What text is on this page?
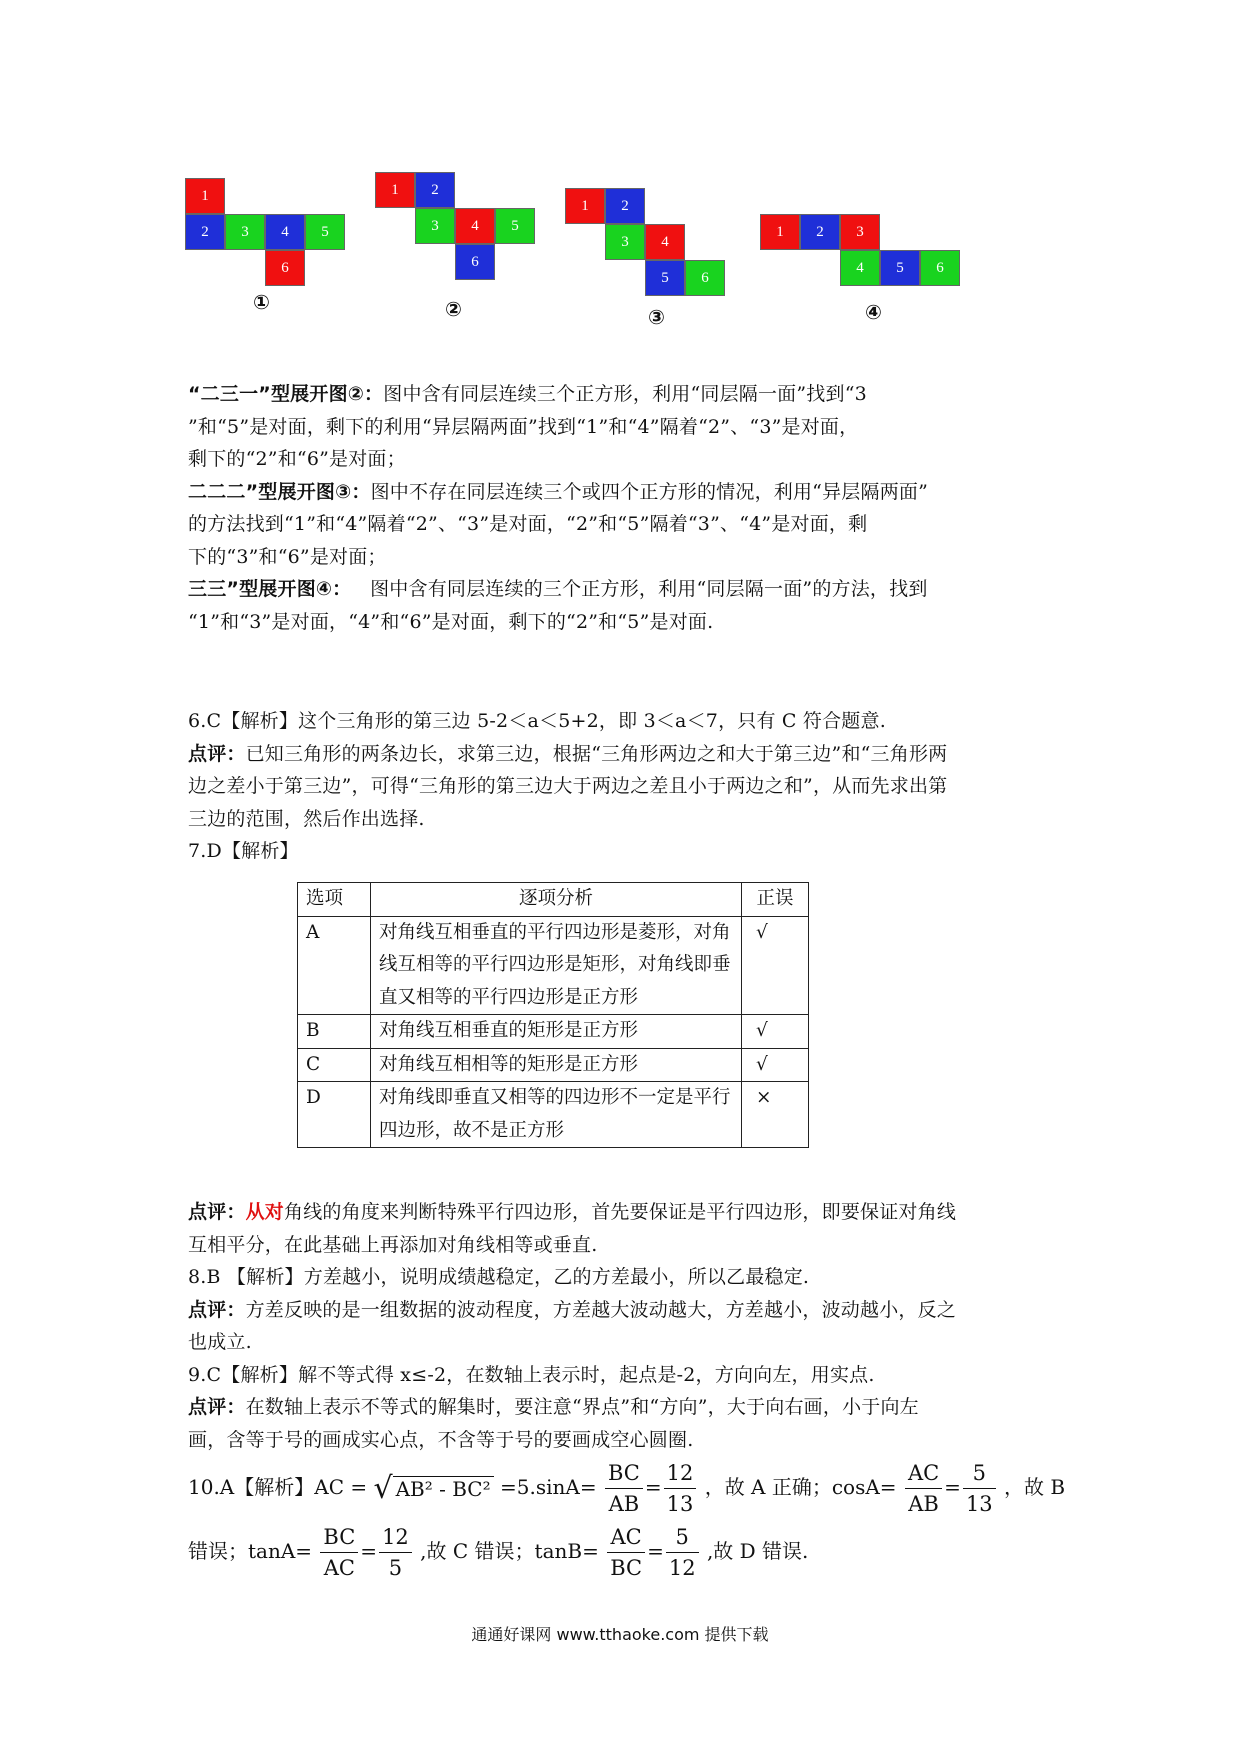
1
2	3	4	5
6
①
1	2
3	4	5
6
②
1	2
3	4
5	6
③
1	2	3
4	5	6
④

“二三一”型展开图②：图中含有同层连续三个正方形，利用“同层隔一面”找到“3

”和“5”是对面，剩下的利用“异层隔两面”找到“1”和“4”隔着“2”、“3”是对面，

剩下的“2”和“6”是对面；

二二二”型展开图③：图中不存在同层连续三个或四个正方形的情况，利用“异层隔两面”

的方法找到“1”和“4”隔着“2”、“3”是对面，“2”和“5”隔着“3”、“4”是对面，剩

下的“3”和“6”是对面；

三三”型展开图④： 图中含有同层连续的三个正方形，利用“同层隔一面”的方法，找到

“1”和“3”是对面，“4”和“6”是对面，剩下的“2”和“5”是对面.

6.C【解析】这个三角形的第三边 5-2＜a＜5+2，即 3＜a＜7，只有 C 符合题意.

点评：已知三角形的两条边长，求第三边，根据“三角形两边之和大于第三边”和“三角形两

边之差小于第三边”，可得“三角形的第三边大于两边之差且小于两边之和”，从而先求出第

三边的范围，然后作出选择.

7.D【解析】

选项	逐项分析	正误
A	对角线互相垂直的平行四边形是菱形，对角线互相等的平行四边形是矩形，对角线即垂直又相等的平行四边形是正方形	√
B	对角线互相垂直的矩形是正方形	√
C	对角线互相相等的矩形是正方形	√
D	对角线即垂直又相等的四边形不一定是平行四边形，故不是正方形	×

点评：从对角线的角度来判断特殊平行四边形，首先要保证是平行四边形，即要保证对角线

互相平分，在此基础上再添加对角线相等或垂直.

8.B 【解析】方差越小，说明成绩越稳定，乙的方差最小，所以乙最稳定.

点评：方差反映的是一组数据的波动程度，方差越大波动越大，方差越小，波动越小，反之

也成立.

9.C【解析】解不等式得 x≤-2，在数轴上表示时，起点是-2，方向向左，用实点.

点评：在数轴上表示不等式的解集时，要注意“界点”和“方向”，大于向右画，小于向左

画，含等于号的画成实心点，不含等于号的要画成空心圆圈.

10.A【解析】AC = √ $AB^2 - BC^2 =5.\sin A= \frac{BC}{AB} = \frac{12}{13}$ ，故 A 正确；$\cos A= \frac{AC}{AB} = \frac{5}{13}$ ，故 B
错误；$\tan A= \frac{BC}{AC} = \frac{12}{5}$ ,故 C 错误；$\tan B= \frac{AC}{BC} = \frac{5}{12}$ ,故 D 错误.
通通好课网 www.tthaoke.com 提供下载
